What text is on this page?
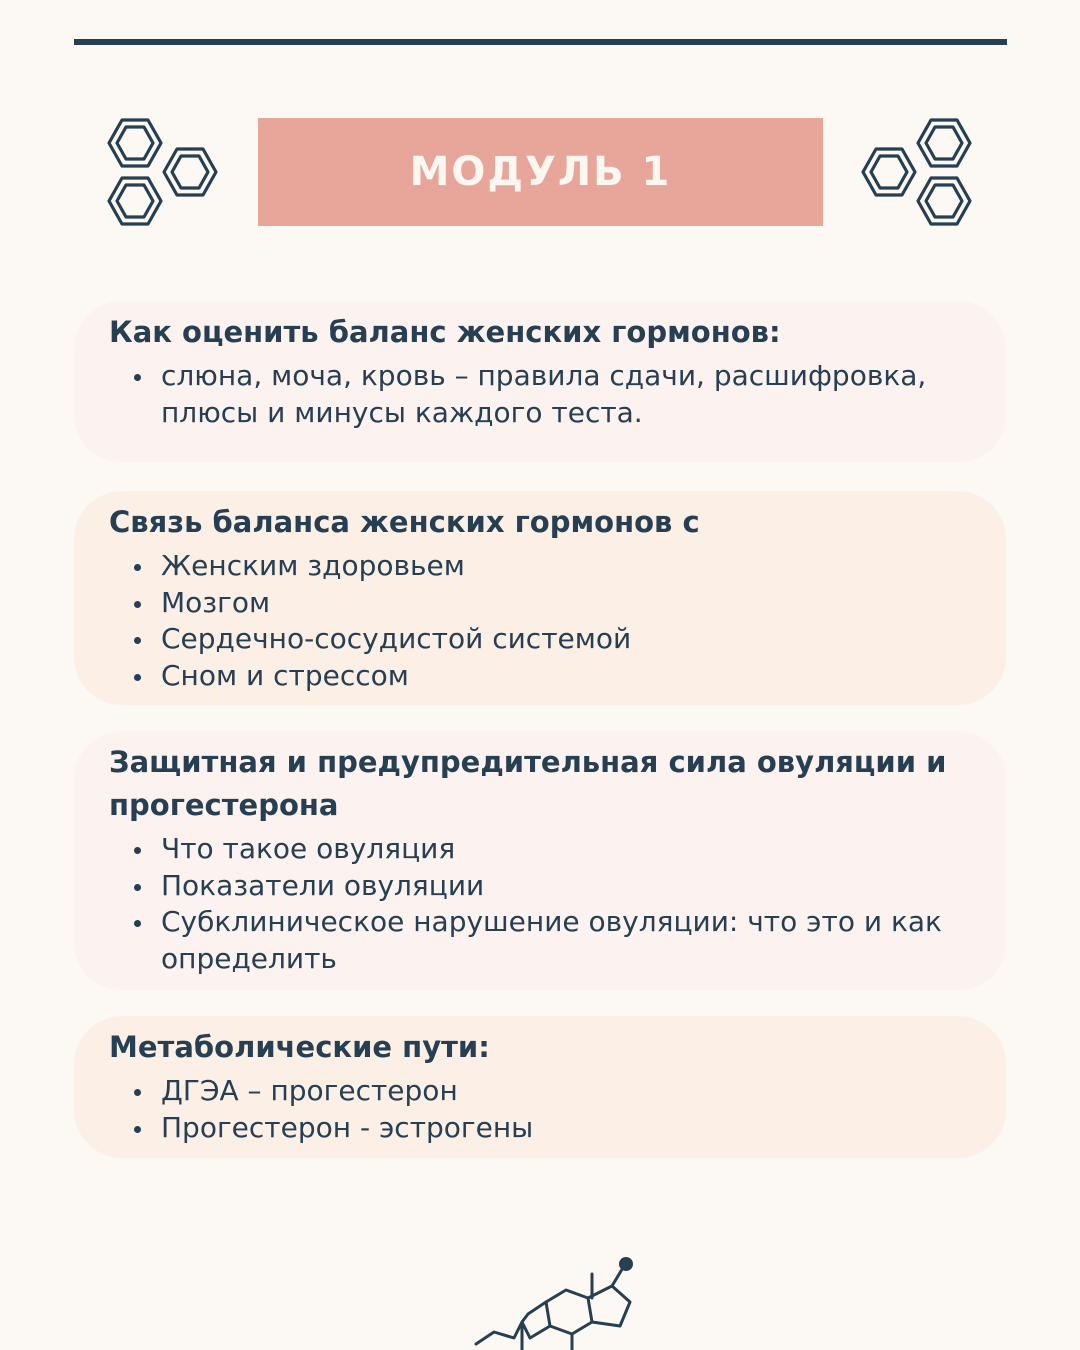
МОДУЛЬ 1
Как оценить баланс женских гормонов:
слюна, моча, кровь – правила сдачи, расшифровка, плюсы и минусы каждого теста.
Связь баланса женских гормонов с
Женским здоровьем
Мозгом
Сердечно-сосудистой системой
Сном и стрессом
Защитная и предупредительная сила овуляции и прогестерона
Что такое овуляция
Показатели овуляции
Субклиническое нарушение овуляции: что это и как определить
Метаболические пути:
ДГЭА – прогестерон
Прогестерон - эстрогены
